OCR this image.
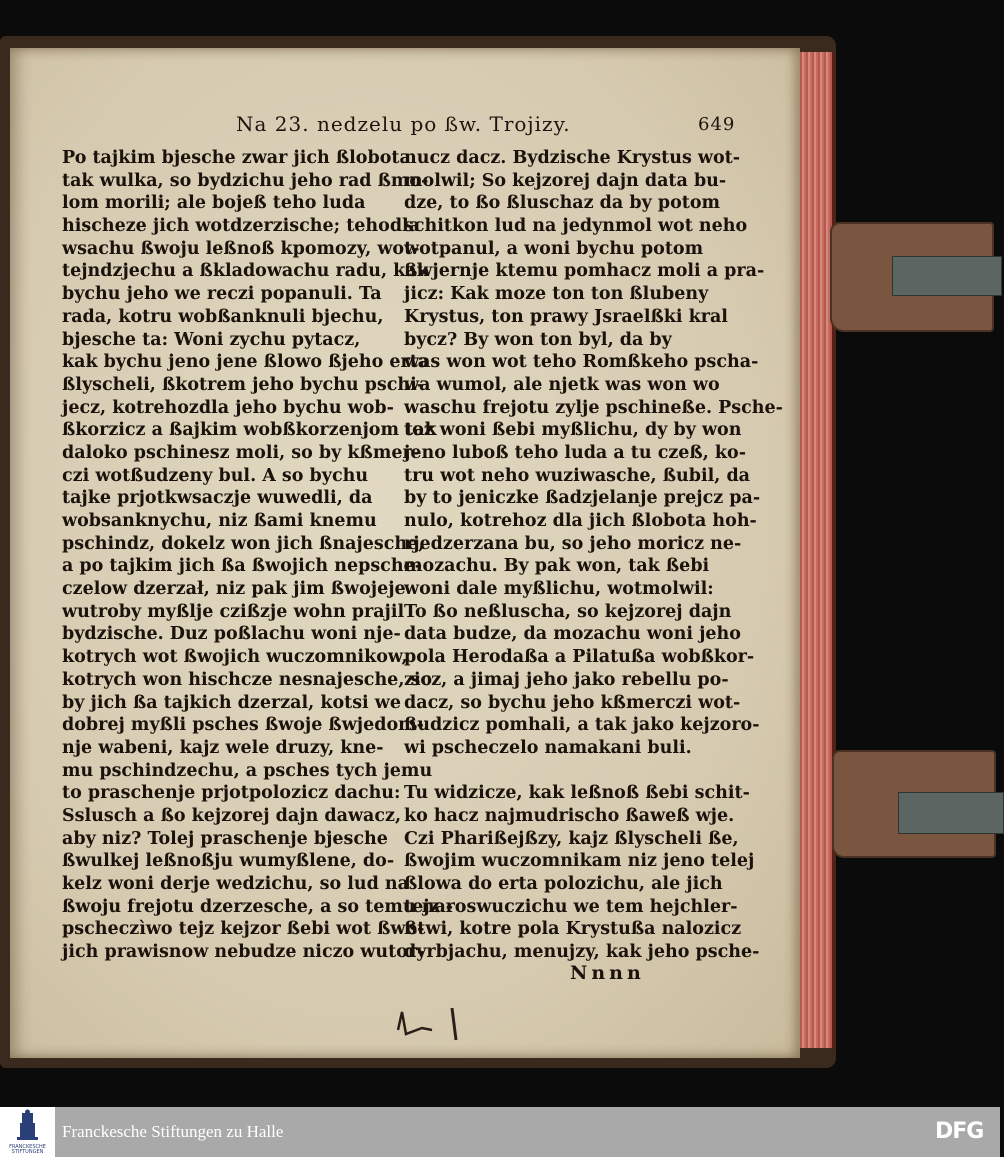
Na 23. nedzelu po ßw. Trojizy.	649
Po tajkim bjesche zwar jich ßlobota
tak wulka, so bydzichu jeho rad ßmo-
lom morili; ale bojeß teho luda
hischeze jich wotdzerzische; tehodla
wsachu ßwoju leßnoß kpomozy, wot-
tejndzjechu a ßkladowachu radu, kak
bychu jeho we reczi popanuli. Ta
rada, kotru wobßanknuli bjechu,
bjesche ta: Woni zychu pytacz,
kak bychu jeno jene ßlowo ßjeho erta
ßlyscheli, ßkotrem jeho bychu pschi-
jecz, kotrehozdla jeho bychu wob-
ßkorzicz a ßajkim wobßkorzenjom tak
daloko pschinesz moli, so by kßmer-
czi wotßudzeny bul. A so bychu
tajke prjotkwsaczje wuwedli, da
wobsanknychu, niz ßami knemu
pschindz, dokelz won jich ßnajesche,
a po tajkim jich ßa ßwojich nepsche-
czelow dzerzał, niz pak jim ßwojeje
wutroby myßlje czißzje wohn prajil
bydzische. Duz poßlachu woni nje-
kotrych wot ßwojich wuczomnikow,
kotrych won hischcze nesnajesche, so
by jich ßa tajkich dzerzal, kotsi we
dobrej myßli psches ßwoje ßwjedom-
nje wabeni, kajz wele druzy, kne-
mu pschindzechu, a psches tych jemu
to praschenje prjotpolozicz dachu:
Sslusch a ßo kejzorej dajn dawacz,
aby niz? Tolej praschenje bjesche
ßwulkej leßnoßju wumyßlene, do-
kelz woni derje wedzichu, so lud na
ßwoju frejotu dzerzesche, a so temu na-
pscheczìwo tejz kejzor ßebi wot ßwo-
jich prawisnow nebudze niczo wutor-
nucz dacz. Bydzische Krystus wot-
molwil; So kejzorej dajn data bu-
dze, to ßo ßluschaz da by potom
schitkon lud na jedynmol wot neho
wotpanul, a woni bychu potom
ßwjernje ktemu pomhacz moli a pra-
jicz: Kak moze ton ton ßlubeny
Krystus, ton prawy Jsraelßki kral
bycz? By won ton byl, da by
was won wot teho Romßkeho pscha-
wa wumol, ale njetk was won wo
waschu frejotu zylje pschineße. Psche-
toz woni ßebi myßlichu, dy by won
jeno luboß teho luda a tu czeß, ko-
tru wot neho wuziwasche, ßubil, da
by to jeniczke ßadzjelanje prejcz pa-
nulo, kotrehoz dla jich ßlobota hoh-
rjedzerzana bu, so jeho moricz ne-
mozachu. By pak won, tak ßebi
woni dale myßlichu, wotmolwil:
To ßo neßluscha, so kejzorej dajn
data budze, da mozachu woni jeho
pola Herodaßa a Pilatußa wobßkor-
zicz, a jimaj jeho jako rebellu po-
dacz, so bychu jeho kßmerczi wot-
ßudzicz pomhali, a tak jako kejzoro-
wi pscheczelo namakani buli.
Tu widzicze, kak leßnoß ßebi schit-
ko hacz najmudrischo ßaweß wje.
Czi Pharißejßzy, kajz ßlyscheli ße,
ßwojim wuczomnikam niz jeno telej
ßlowa do erta polozichu, ale jich
tejz roswuczichu we tem hejchler-
ßtwi, kotre pola Krystußa nalozicz
dyrbjachu, menujzy, kak jeho psche-
Nnnn
FRANCKESCHE STIFTUNGEN
Franckesche Stiftungen zu Halle	DFG
